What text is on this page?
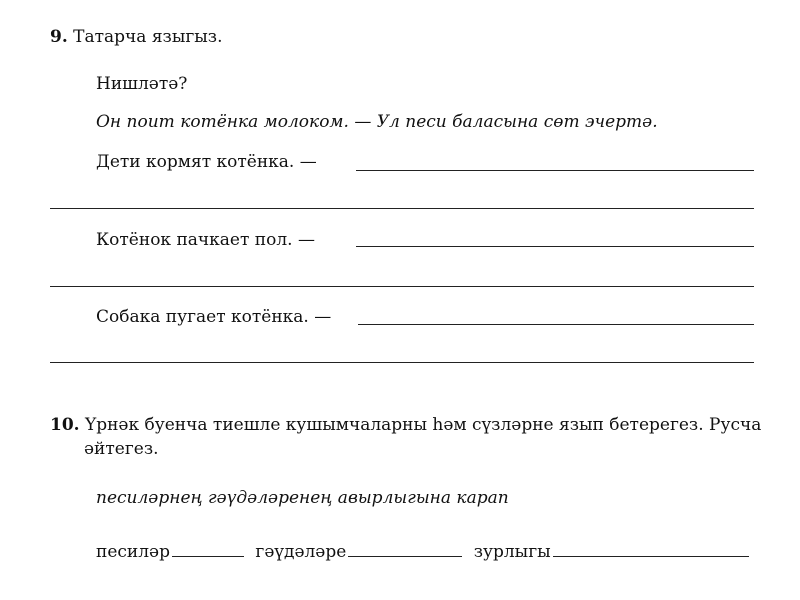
9. Татарча языгыз.
Нишләтә?
Он поит котёнка молоком. — Ул песи баласына сөт эчертә.
Дети кормят котёнка. —
Котёнок пачкает пол. —
Собака пугает котёнка. —
10. Үрнәк буенча тиешле кушымчаларны һәм сүзләрне язып бетерегез. Русча
әйтегез.
песиләрнең гәүдәләренең авырлыгына карап
песиләр	гәүдәләре	зурлыгы
